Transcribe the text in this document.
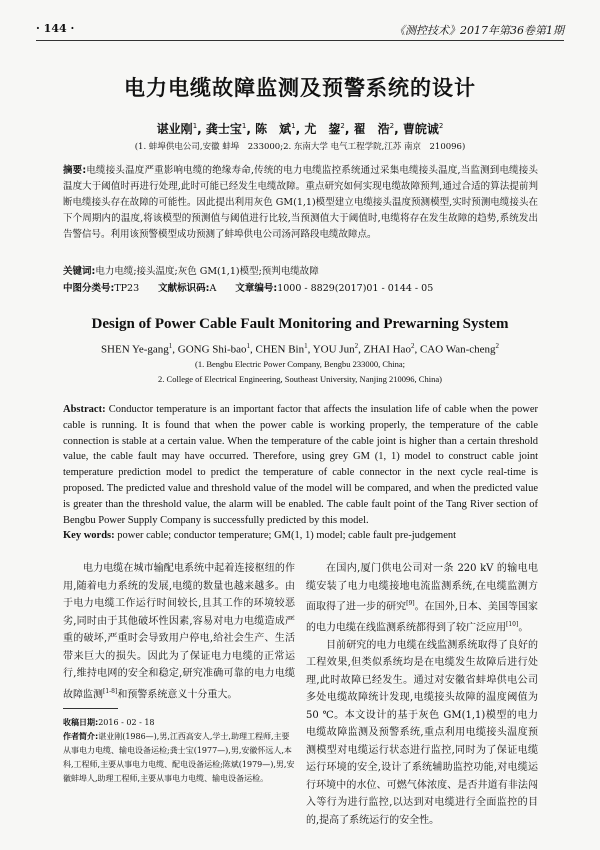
· 144 ·	《测控技术》2017年第36卷第1期
电力电缆故障监测及预警系统的设计
谌业刚$^1$, 龚士宝$^1$, 陈　斌$^1$, 尤　鋆$^2$, 翟　浩$^2$, 曹皖诚$^2$
(1. 蚌埠供电公司,安徽 蚌埠　233000;2. 东南大学 电气工程学院,江苏 南京　210096)
摘要:电缆接头温度严重影响电缆的绝缘寿命,传统的电力电缆监控系统通过采集电缆接头温度,当监测到电缆接头温度大于阈值时再进行处理,此时可能已经发生电缆故障。重点研究如何实现电缆故障预判,通过合适的算法提前判断电缆接头存在故障的可能性。因此提出利用灰色 GM(1,1)模型建立电缆接头温度预测模型,实时预测电缆接头在下个周期内的温度,将该模型的预测值与阈值进行比较,当预测值大于阈值时,电缆将存在发生故障的趋势,系统发出告警信号。利用该预警模型成功预测了蚌埠供电公司汤河路段电缆故障点。
关键词:电力电缆;接头温度;灰色 GM(1,1)模型;预判电缆故障
中图分类号:TP23 文献标识码:A 文章编号:1000 - 8829(2017)01 - 0144 - 05
Design of Power Cable Fault Monitoring and Prewarning System
SHEN Ye-gang$^1$, GONG Shi-bao$^1$, CHEN Bin$^1$, YOU Jun$^2$, ZHAI Hao$^2$, CAO Wan-cheng$^2$
(1. Bengbu Electric Power Company, Bengbu 233000, China;
2. College of Electrical Engineering, Southeast University, Nanjing 210096, China)
Abstract: Conductor temperature is an important factor that affects the insulation life of cable when the power cable is running. It is found that when the power cable is working properly, the temperature of the cable connection is stable at a certain value. When the temperature of the cable joint is higher than a certain threshold value, the cable fault may have occurred. Therefore, using grey GM (1, 1) model to construct cable joint temperature prediction model to predict the temperature of cable connector in the next cycle real-time is proposed. The predicted value and threshold value of the model will be compared, and when the predicted value is greater than the threshold value, the alarm will be enabled. The cable fault point of the Tang River section of Bengbu Power Supply Company is successfully predicted by this model.
Key words: power cable; conductor temperature; GM(1, 1) model; cable fault pre-judgement

电力电缆在城市输配电系统中起着连接枢纽的作用,随着电力系统的发展,电缆的数量也越来越多。由于电力电缆工作运行时间较长,且其工作的环境较恶劣,同时由于其他破坏性因素,容易对电力电缆造成严重的破坏,严重时会导致用户停电,给社会生产、生活带来巨大的损失。因此为了保证电力电缆的正常运行,维持电网的安全和稳定,研究准确可靠的电力电缆故障监测[1-8]和预警系统意义十分重大。

收稿日期:2016 - 02 - 18
作者简介:谌业刚(1986—),男,江西高安人,学士,助理工程师,主要从事电力电缆、输电设备运检;龚士宝(1977—),男,安徽怀远人,本科,工程师,主要从事电力电缆、配电设备运检;陈斌(1979—),男,安徽蚌埠人,助理工程师,主要从事电力电缆、输电设备运检。

在国内,厦门供电公司对一条 220 kV 的输电电缆安装了电力电缆接地电流监测系统,在电缆监测方面取得了进一步的研究[9]。在国外,日本、美国等国家的电力电缆在线监测系统都得到了较广泛应用[10]。

目前研究的电力电缆在线监测系统取得了良好的工程效果,但类似系统均是在电缆发生故障后进行处理,此时故障已经发生。通过对安徽省蚌埠供电公司多处电缆故障统计发现,电缆接头故障的温度阈值为 50 ℃。本文设计的基于灰色 GM(1,1)模型的电力电缆故障监测及预警系统,重点利用电缆接头温度预测模型对电缆运行状态进行监控,同时为了保证电缆运行环境的安全,设计了系统辅助监控功能,对电缆运行环境中的水位、可燃气体浓度、是否井道有非法闯入等行为进行监控,以达到对电缆进行全面监控的目的,提高了系统运行的安全性。
